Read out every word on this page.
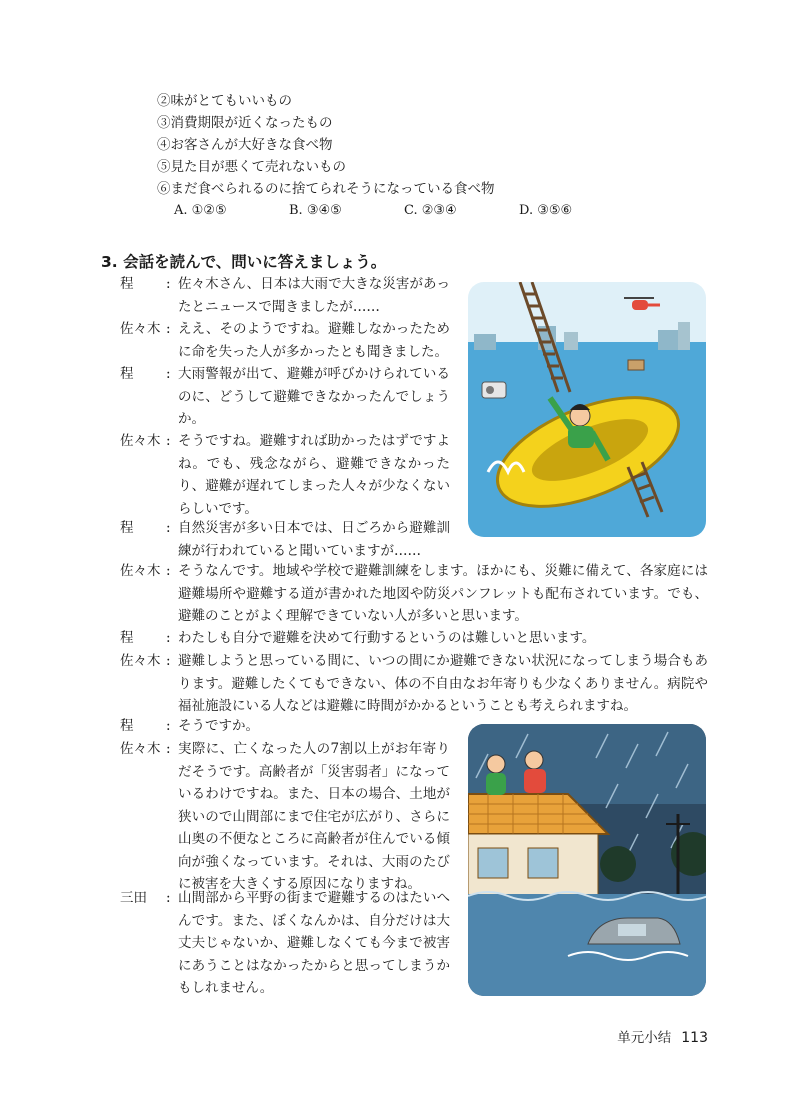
②味がとてもいいもの
③消費期限が近くなったもの
④お客さんが大好きな食べ物
⑤見た目が悪くて売れないもの
⑥まだ食べられるのに捨てられそうになっている食べ物
A. ①②⑤	B. ③④⑤	C. ②③④	D. ③⑤⑥
3. 会話を読んで、問いに答えましょう。
程 : 佐々木さん、日本は大雨で大きな災害があったとニュースで聞きましたが……
佐々木 : ええ、そのようですね。避難しなかったために命を失った人が多かったとも聞きました。
程 : 大雨警報が出て、避難が呼びかけられているのに、どうして避難できなかったんでしょうか。
佐々木 : そうですね。避難すれば助かったはずですよね。でも、残念ながら、避難できなかったり、避難が遅れてしまった人々が少なくないらしいです。
程 : 自然災害が多い日本では、日ごろから避難訓練が行われていると聞いていますが……
佐々木 : そうなんです。地域や学校で避難訓練をします。ほかにも、災難に備えて、各家庭には避難場所や避難する道が書かれた地図や防災パンフレットも配布されています。でも、避難のことがよく理解できていない人が多いと思います。
程 : わたしも自分で避難を決めて行動するというのは難しいと思います。
佐々木 : 避難しようと思っている間に、いつの間にか避難できない状況になってしまう場合もあります。避難したくてもできない、体の不自由なお年寄りも少なくありません。病院や福祉施設にいる人などは避難に時間がかかるということも考えられますね。
程 : そうですか。
佐々木 : 実際に、亡くなった人の7割以上がお年寄りだそうです。高齢者が「災害弱者」になっているわけですね。また、日本の場合、土地が狭いので山間部にまで住宅が広がり、さらに山奥の不便なところに高齢者が住んでいる傾向が強くなっています。それは、大雨のたびに被害を大きくする原因になりますね。
三田 : 山間部から平野の街まで避難するのはたいへんです。また、ぼくなんかは、自分だけは大丈夫じゃないか、避難しなくても今まで被害にあうことはなかったからと思ってしまうかもしれません。
单元小结 113
